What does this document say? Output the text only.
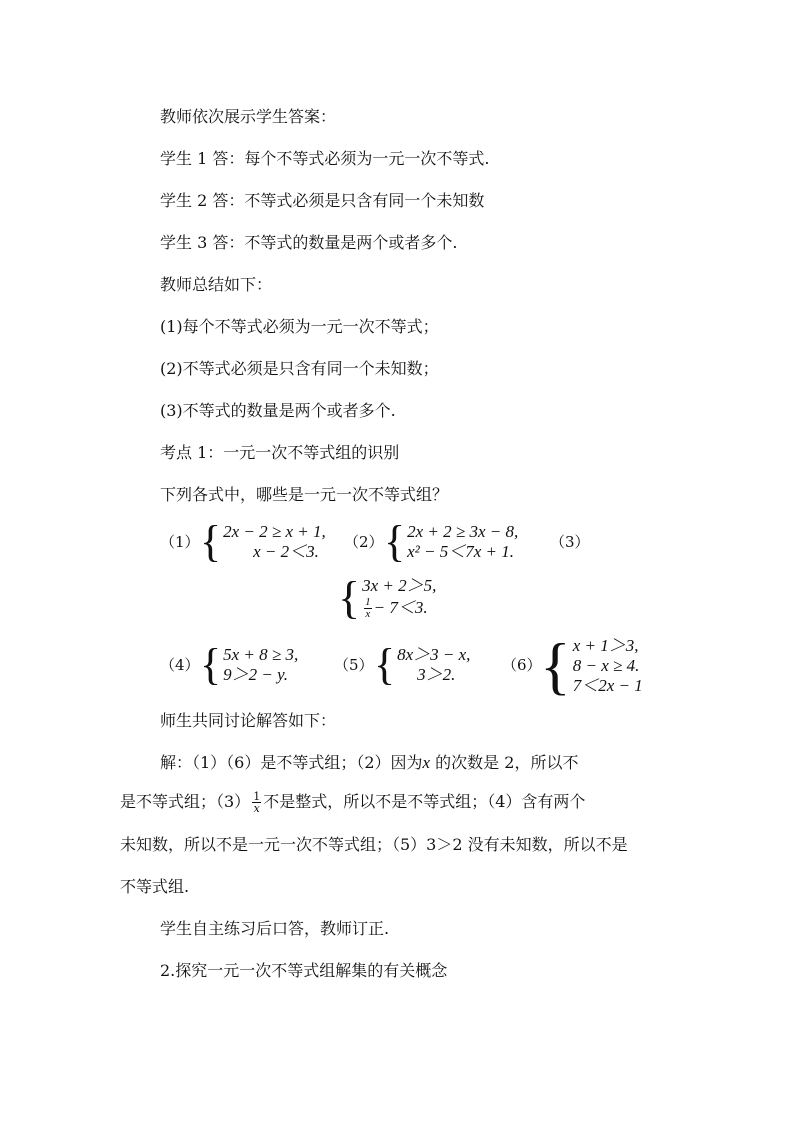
教师依次展示学生答案：
学生 1 答：每个不等式必须为一元一次不等式.
学生 2 答：不等式必须是只含有同一个未知数
学生 3 答：不等式的数量是两个或者多个.
教师总结如下：
(1)每个不等式必须为一元一次不等式；
(2)不等式必须是只含有同一个未知数；
(3)不等式的数量是两个或者多个.
考点 1：一元一次不等式组的识别
下列各式中，哪些是一元一次不等式组？
（1） { 2x − 2 ≥ x + 1,
x − 2＜3.	（2） { 2x + 2 ≥ 3x − 8,
x² − 5＜7x + 1. （3）
{ 3x + 2＞5,
$\frac{1}{x} - 7<3$.
（4） { 5x + 8 ≥ 3,
9＞2 − y.	（5） { 8x＞3 − x,
3＞2.	（6）
{ x + 1＞3,
8 − x ≥ 4.
7＜2x − 1
师生共同讨论解答如下：
解：（1）（6）是不等式组；（2）因为x 的次数是 2，所以不
是不等式组；$(3) \frac{1}{x}$ 不是整式，所以不是不等式组；（4）含有两个
未知数，所以不是一元一次不等式组；（5）3＞2 没有未知数，所以不是
不等式组.
学生自主练习后口答，教师订正.
2.探究一元一次不等式组解集的有关概念
